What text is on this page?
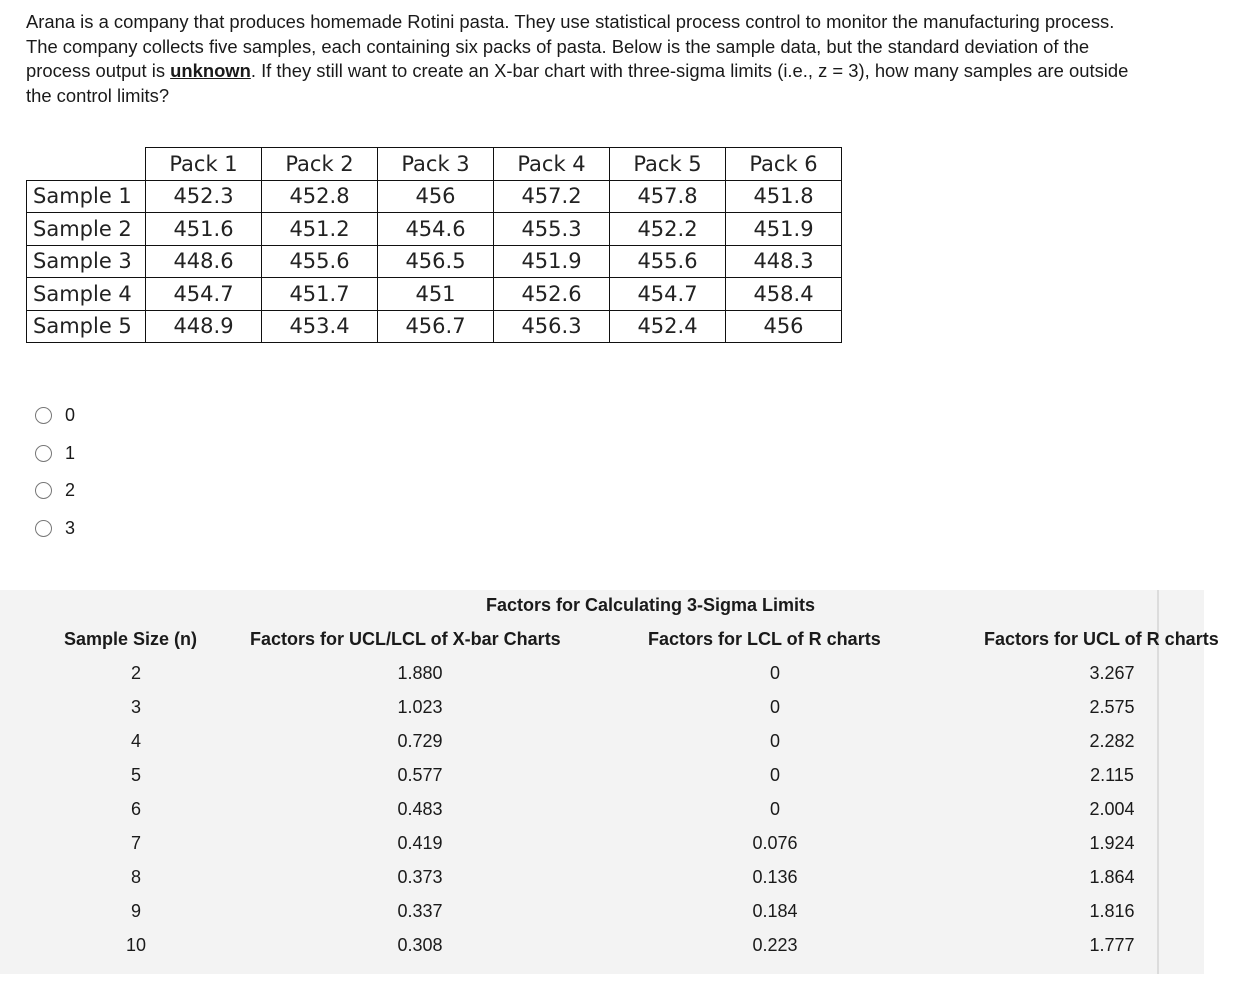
Arana is a company that produces homemade Rotini pasta. They use statistical process control to monitor the manufacturing process.
The company collects five samples, each containing six packs of pasta. Below is the sample data, but the standard deviation of the
process output is unknown. If they still want to create an X-bar chart with three-sigma limits (i.e., z = 3), how many samples are outside
the control limits?
	Pack 1	Pack 2	Pack 3	Pack 4	Pack 5	Pack 6
Sample 1	452.3	452.8	456	457.2	457.8	451.8
Sample 2	451.6	451.2	454.6	455.3	452.2	451.9
Sample 3	448.6	455.6	456.5	451.9	455.6	448.3
Sample 4	454.7	451.7	451	452.6	454.7	458.4
Sample 5	448.9	453.4	456.7	456.3	452.4	456
0
1
2
3
Factors for Calculating 3-Sigma Limits
Sample Size (n)	Factors for UCL/LCL of X-bar Charts	Factors for LCL of R charts	Factors for UCL of R charts
2	1.880	0	3.267
3	1.023	0	2.575
4	0.729	0	2.282
5	0.577	0	2.115
6	0.483	0	2.004
7	0.419	0.076	1.924
8	0.373	0.136	1.864
9	0.337	0.184	1.816
10	0.308	0.223	1.777
